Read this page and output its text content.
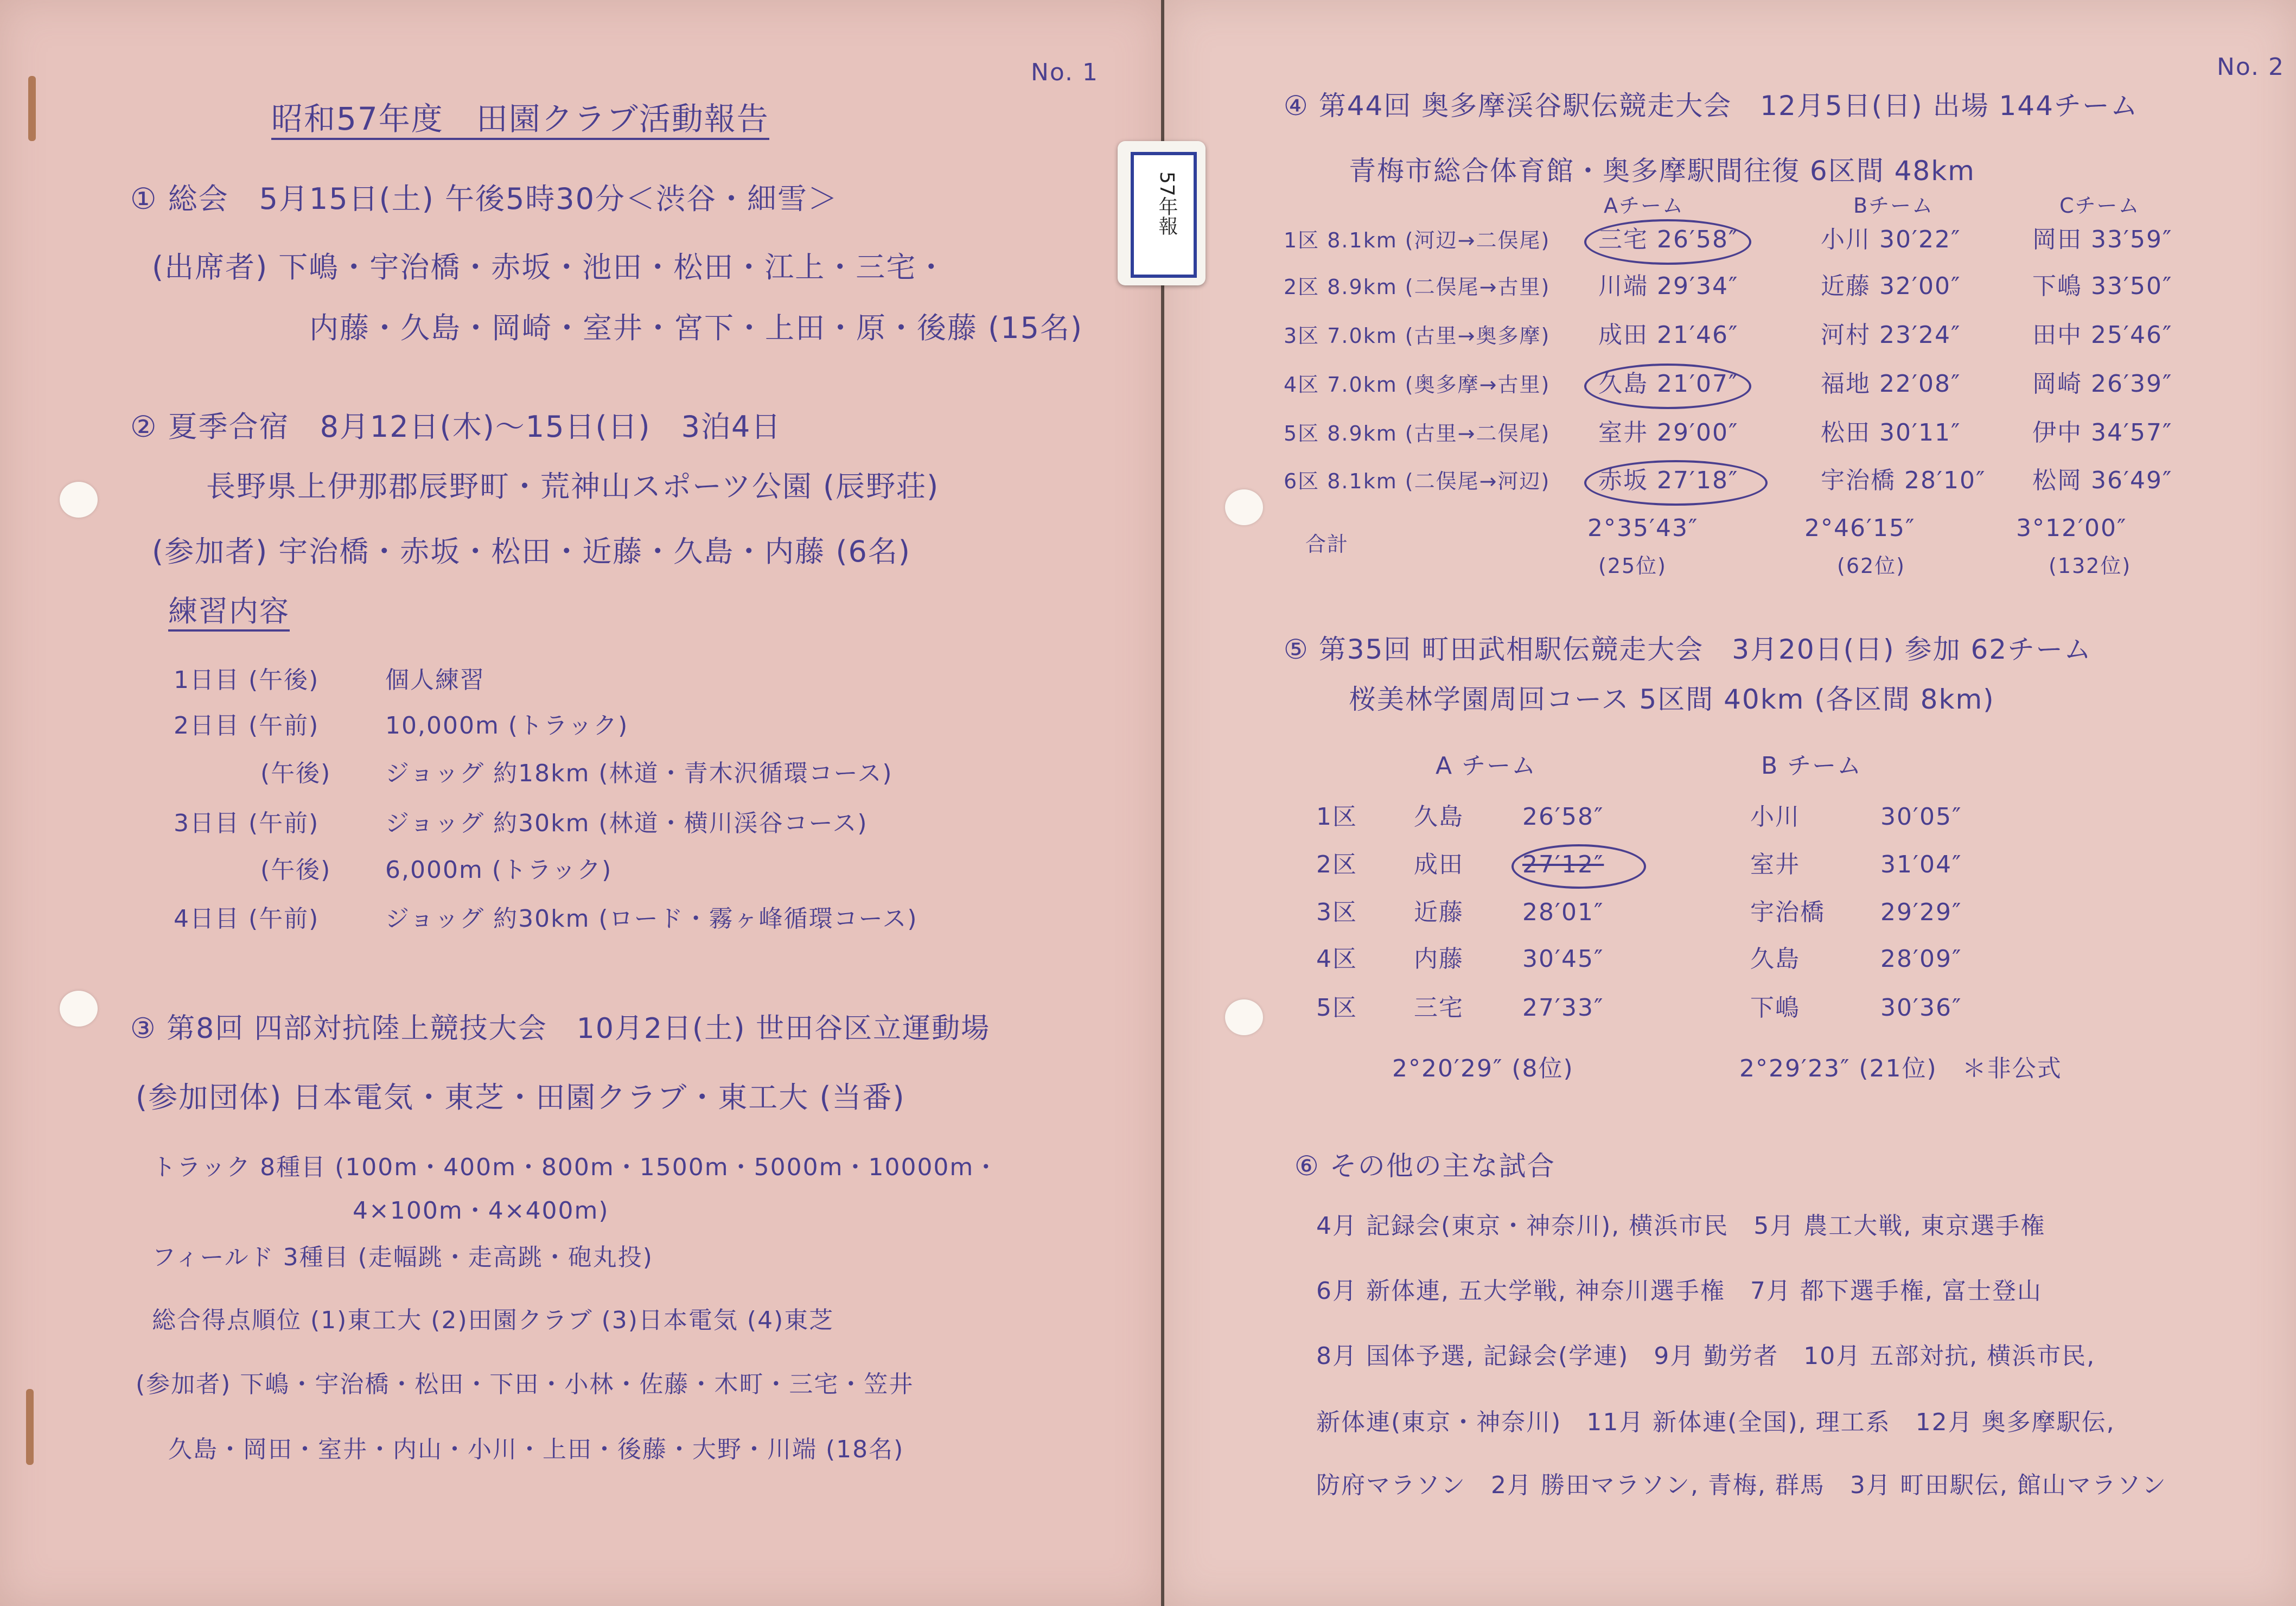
No. 1
昭和57年度　田園クラブ活動報告
① 総会　5月15日(土) 午後5時30分＜渋谷・細雪＞
(出席者) 下嶋・宇治橋・赤坂・池田・松田・江上・三宅・
内藤・久島・岡崎・室井・宮下・上田・原・後藤 (15名)
② 夏季合宿　8月12日(木)〜15日(日)　3泊4日
長野県上伊那郡辰野町・荒神山スポーツ公園 (辰野荘)
(参加者) 宇治橋・赤坂・松田・近藤・久島・内藤 (6名)
練習内容
1日目 (午後)	個人練習
2日目 (午前)	10,000m (トラック)
(午後) ジョッグ 約18km (林道・青木沢循環コース)
3日目 (午前)	ジョッグ 約30km (林道・横川渓谷コース)
(午後) 6,000m (トラック)
4日目 (午前)	ジョッグ 約30km (ロード・霧ヶ峰循環コース)
③ 第8回 四部対抗陸上競技大会　10月2日(土) 世田谷区立運動場
(参加団体) 日本電気・東芝・田園クラブ・東工大 (当番)
トラック 8種目 (100m・400m・800m・1500m・5000m・10000m・
4×100m・4×400m)
フィールド 3種目 (走幅跳・走高跳・砲丸投)
総合得点順位 (1)東工大 (2)田園クラブ (3)日本電気 (4)東芝
(参加者) 下嶋・宇治橋・松田・下田・小林・佐藤・木町・三宅・笠井
久島・岡田・室井・内山・小川・上田・後藤・大野・川端 (18名)
No. 2
④ 第44回 奥多摩渓谷駅伝競走大会　12月5日(日) 出場 144チーム
青梅市総合体育館・奥多摩駅間往復 6区間 48km
Aチーム	Bチーム	Cチーム
1区 8.1km (河辺→二俣尾) 三宅 26′58″	小川 30′22″	岡田 33′59″
2区 8.9km (二俣尾→古里) 川端 29′34″	近藤 32′00″	下嶋 33′50″
3区 7.0km (古里→奥多摩) 成田 21′46″	河村 23′24″	田中 25′46″
4区 7.0km (奥多摩→古里) 久島 21′07″	福地 22′08″	岡崎 26′39″
5区 8.9km (古里→二俣尾) 室井 29′00″	松田 30′11″	伊中 34′57″
6区 8.1km (二俣尾→河辺) 赤坂 27′18″	宇治橋 28′10″ 松岡 36′49″
合計
2°35′43″	2°46′15″	3°12′00″
(25位)	(62位)	(132位)
⑤ 第35回 町田武相駅伝競走大会　3月20日(日) 参加 62チーム
桜美林学園周回コース 5区間 40km (各区間 8km)
A チーム	B チーム
1区 久島 26′58″	小川	30′05″
2区 成田 27′12″	室井	31′04″
3区 近藤 28′01″	宇治橋 29′29″
4区 内藤 30′45″	久島	28′09″
5区 三宅 27′33″	下嶋	30′36″
2°20′29″ (8位)	2°29′23″ (21位)　＊非公式
⑥ その他の主な試合
4月 記録会(東京・神奈川), 横浜市民　5月 農工大戦, 東京選手権
6月 新体連, 五大学戦, 神奈川選手権　7月 都下選手権, 富士登山
8月 国体予選, 記録会(学連)　9月 勤労者　10月 五部対抗, 横浜市民,
新体連(東京・神奈川)　11月 新体連(全国), 理工系　12月 奥多摩駅伝,
防府マラソン　2月 勝田マラソン, 青梅, 群馬　3月 町田駅伝, 館山マラソン
57年報
